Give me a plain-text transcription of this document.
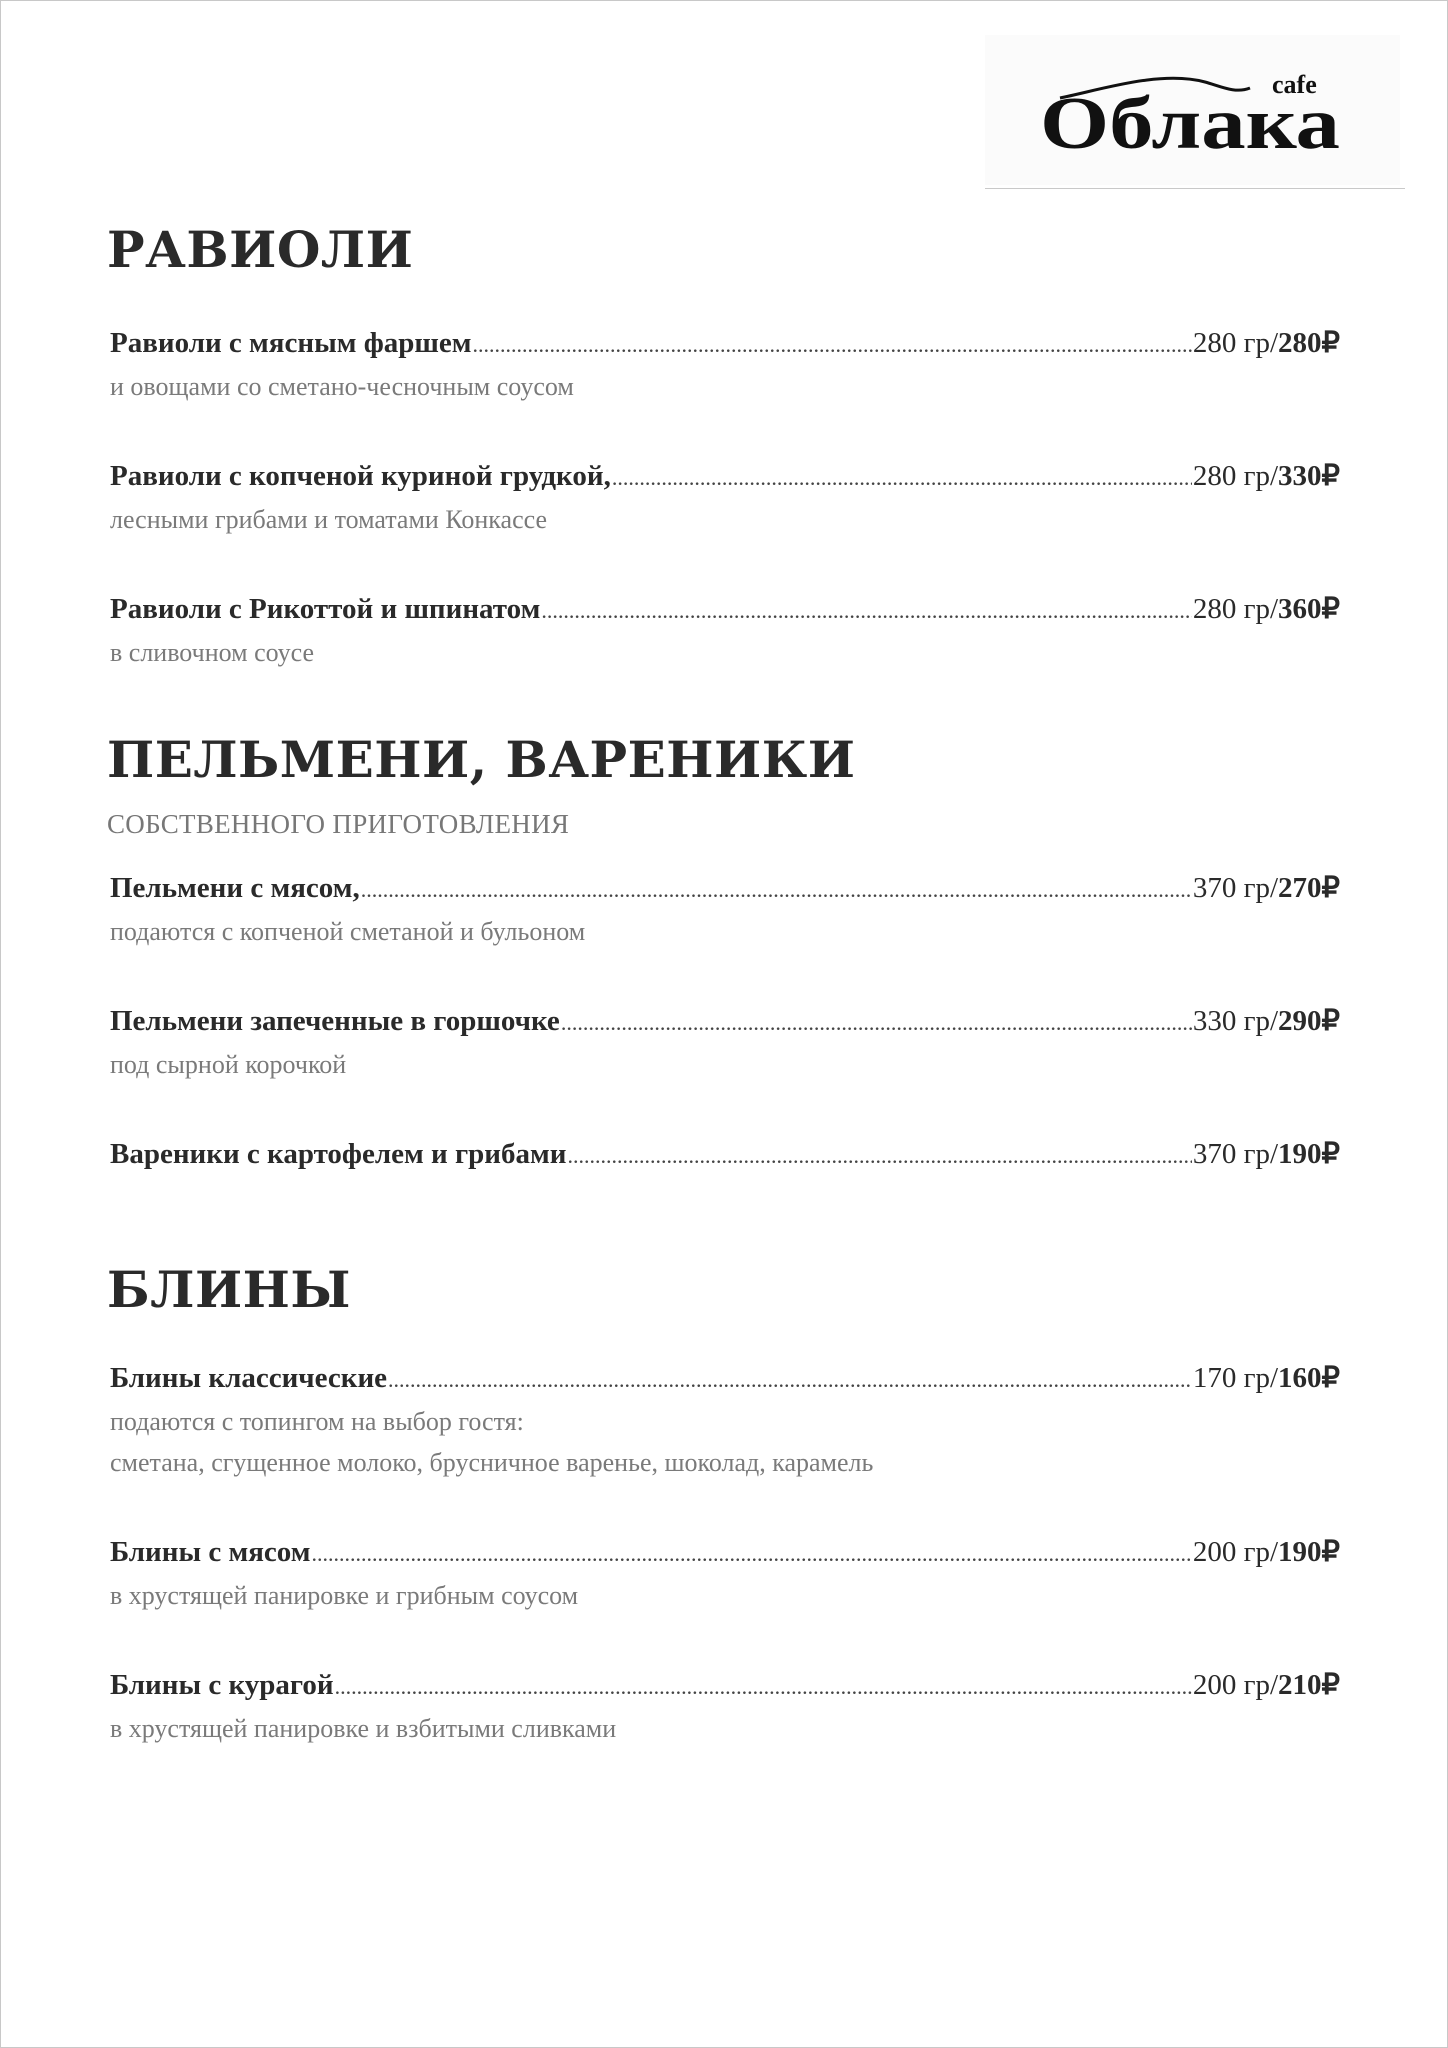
cafe
Облака
РАВИОЛИ
Равиоли с мясным фаршем .....	280 гр / 280₽
и овощами со сметано-чесночным соусом
Равиоли с копченой куриной грудкой, .....	280 гр / 330₽
лесными грибами и томатами Конкассе
Равиоли с Рикоттой и шпинатом .....	280 гр / 360₽
в сливочном соусе
ПЕЛЬМЕНИ, ВАРЕНИКИ
СОБСТВЕННОГО ПРИГОТОВЛЕНИЯ
Пельмени с мясом, .....	370 гр / 270₽
подаются с копченой сметаной и бульоном
Пельмени запеченные в горшочке .....	330 гр / 290₽
под сырной корочкой
Вареники с картофелем и грибами .....	370 гр / 190₽
БЛИНЫ
Блины классические .....	170 гр / 160₽
подаются с топингом на выбор гостя:
сметана, сгущенное молоко, брусничное варенье, шоколад, карамель
Блины с мясом .....	200 гр / 190₽
в хрустящей панировке и грибным соусом
Блины с курагой .....	200 гр / 210₽
в хрустящей панировке и взбитыми сливками
